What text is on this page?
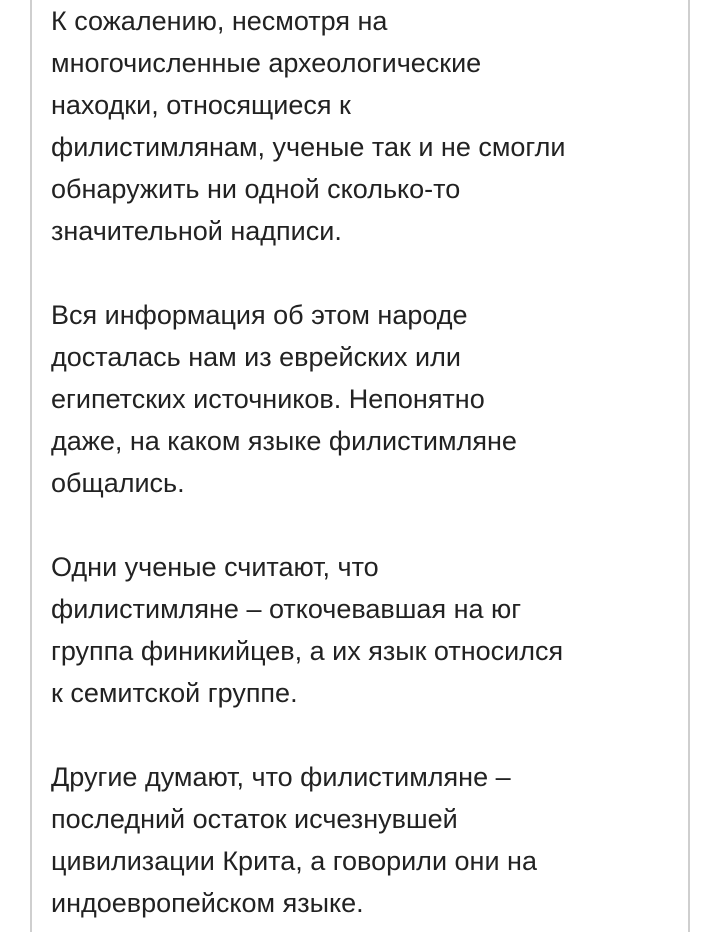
К сожалению, несмотря на
многочисленные археологические
находки, относящиеся к
филистимлянам, ученые так и не смогли
обнаружить ни одной сколько-то
значительной надписи.
Вся информация об этом народе
досталась нам из еврейских или
египетских источников. Непонятно
даже, на каком языке филистимляне
общались.
Одни ученые считают, что
филистимляне – откочевавшая на юг
группа финикийцев, а их язык относился
к семитской группе.
Другие думают, что филистимляне –
последний остаток исчезнувшей
цивилизации Крита, а говорили они на
индоевропейском языке.
